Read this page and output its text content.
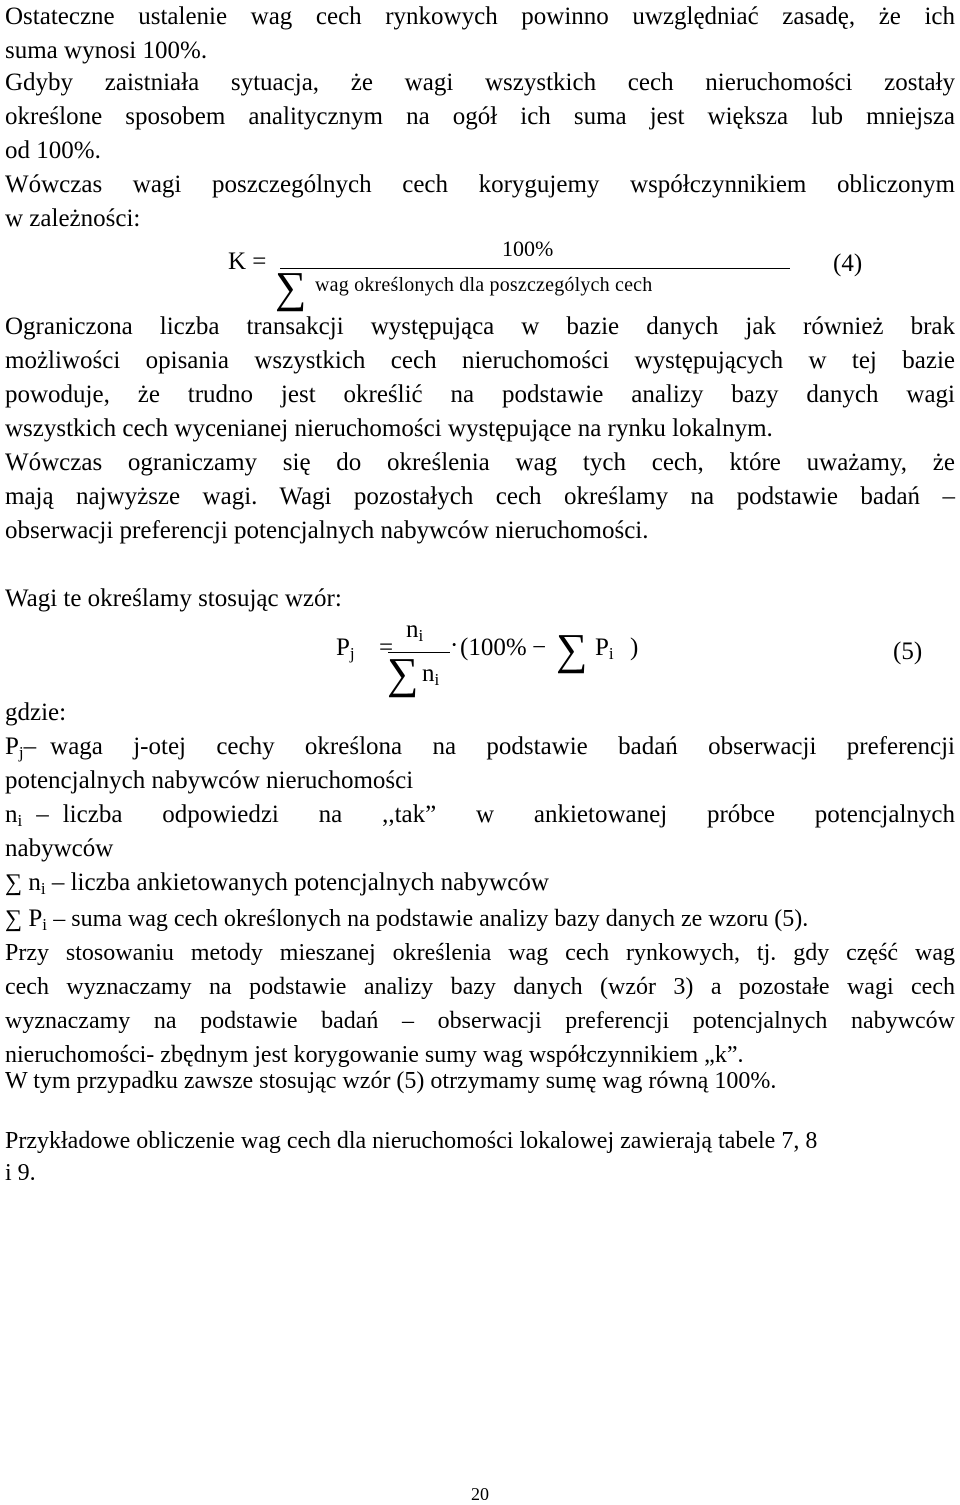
Ostateczne ustalenie wag cech rynkowych powinno uwzględniać zasadę, że ich
suma wynosi 100%.
Gdyby zaistniała sytuacja, że wagi wszystkich cech nieruchomości zostały
określone sposobem analitycznym na ogół ich suma jest większa lub mniejsza
od 100%.
Wówczas wagi poszczególnych cech korygujemy współczynnikiem obliczonym
w zależności:
K =	100%
∑ wag określonych dla poszczególych cech
(4)
Ograniczona liczba transakcji występująca w bazie danych jak również brak
możliwości opisania wszystkich cech nieruchomości występujących w tej bazie
powoduje, że trudno jest określić na podstawie analizy bazy danych wagi
wszystkich cech wycenianej nieruchomości występujące na rynku lokalnym.
Wówczas ograniczamy się do określenia wag tych cech, które uważamy, że
mają najwyższe wagi. Wagi pozostałych cech określamy na podstawie badań –
obserwacji preferencji potencjalnych nabywców nieruchomości.
Wagi te określamy stosując wzór:
$P_j$ =
$n_i$
∑ $n_i$
· (100% − ∑ $P_i$ )	(5)
gdzie:
$P_j$ – waga j-otej cechy określona na podstawie badań obserwacji preferencji
potencjalnych nabywców nieruchomości
$n_i$ – liczba odpowiedzi na ,,tak” w ankietowanej próbce potencjalnych
nabywców
∑ $n_i$ – liczba ankietowanych potencjalnych nabywców
∑ $P_i$ – suma wag cech określonych na podstawie analizy bazy danych ze wzoru (5).
Przy stosowaniu metody mieszanej określenia wag cech rynkowych, tj. gdy część wag
cech wyznaczamy na podstawie analizy bazy danych (wzór 3) a pozostałe wagi cech
wyznaczamy na podstawie badań – obserwacji preferencji potencjalnych nabywców
nieruchomości- zbędnym jest korygowanie sumy wag współczynnikiem „k”.
W tym przypadku zawsze stosując wzór (5) otrzymamy sumę wag równą 100%.
Przykładowe obliczenie wag cech dla nieruchomości lokalowej zawierają tabele 7, 8
i 9.
20
